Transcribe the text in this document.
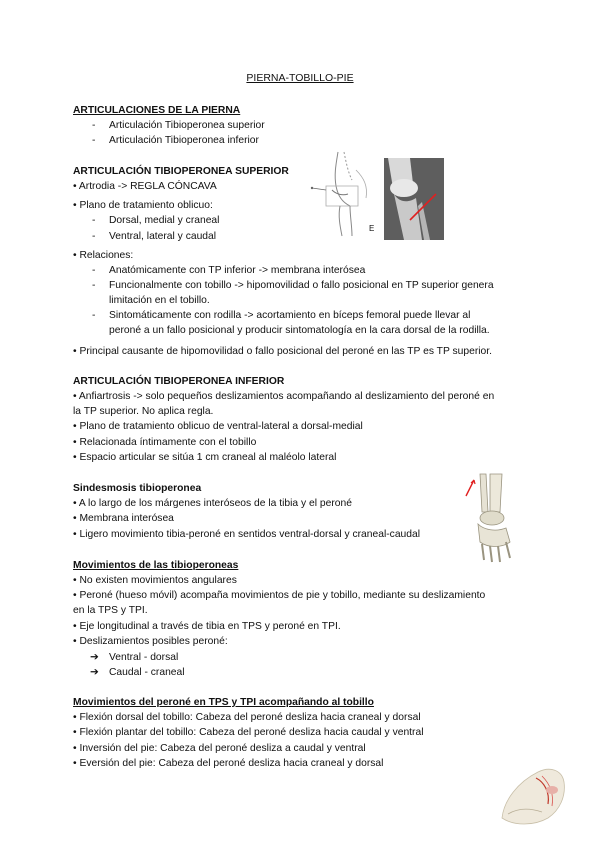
PIERNA-TOBILLO-PIE
ARTICULACIONES DE LA PIERNA
- Articulación Tibioperonea superior
- Articulación Tibioperonea inferior
ARTICULACIÓN TIBIOPERONEA SUPERIOR
• Artrodia -> REGLA CÓNCAVA
• Plano de tratamiento oblicuo:
- Dorsal, medial y craneal
- Ventral, lateral y caudal
• Relaciones:
- Anatómicamente con TP inferior -> membrana interósea
- Funcionalmente con tobillo -> hipomovilidad o fallo posicional en TP superior genera
limitación en el tobillo.
- Sintomáticamente con rodilla -> acortamiento en bíceps femoral puede llevar al
peroné a un fallo posicional y producir sintomatología en la cara dorsal de la rodilla.
• Principal causante de hipomovilidad o fallo posicional del peroné en las TP es TP superior.
ARTICULACIÓN TIBIOPERONEA INFERIOR
• Anfiartrosis -> solo pequeños deslizamientos acompañando al deslizamiento del peroné en
la TP superior. No aplica regla.
• Plano de tratamiento oblicuo de ventral-lateral a dorsal-medial
• Relacionada íntimamente con el tobillo
• Espacio articular se sitúa 1 cm craneal al maléolo lateral
Sindesmosis tibioperonea
• A lo largo de los márgenes interóseos de la tibia y el peroné
• Membrana interósea
• Ligero movimiento tibia-peroné en sentidos ventral-dorsal y craneal-caudal
Movimientos de las tibioperoneas
• No existen movimientos angulares
• Peroné (hueso móvil) acompaña movimientos de pie y tobillo, mediante su deslizamiento
en la TPS y TPI.
• Eje longitudinal a través de tibia en TPS y peroné en TPI.
• Deslizamientos posibles peroné:
➔ Ventral - dorsal
➔ Caudal - craneal
Movimientos del peroné en TPS y TPI acompañando al tobillo
• Flexión dorsal del tobillo: Cabeza del peroné desliza hacia craneal y dorsal
• Flexión plantar del tobillo: Cabeza del peroné desliza hacia caudal y ventral
• Inversión del pie: Cabeza del peroné desliza a caudal y ventral
• Eversión del pie: Cabeza del peroné desliza hacia craneal y dorsal
E
